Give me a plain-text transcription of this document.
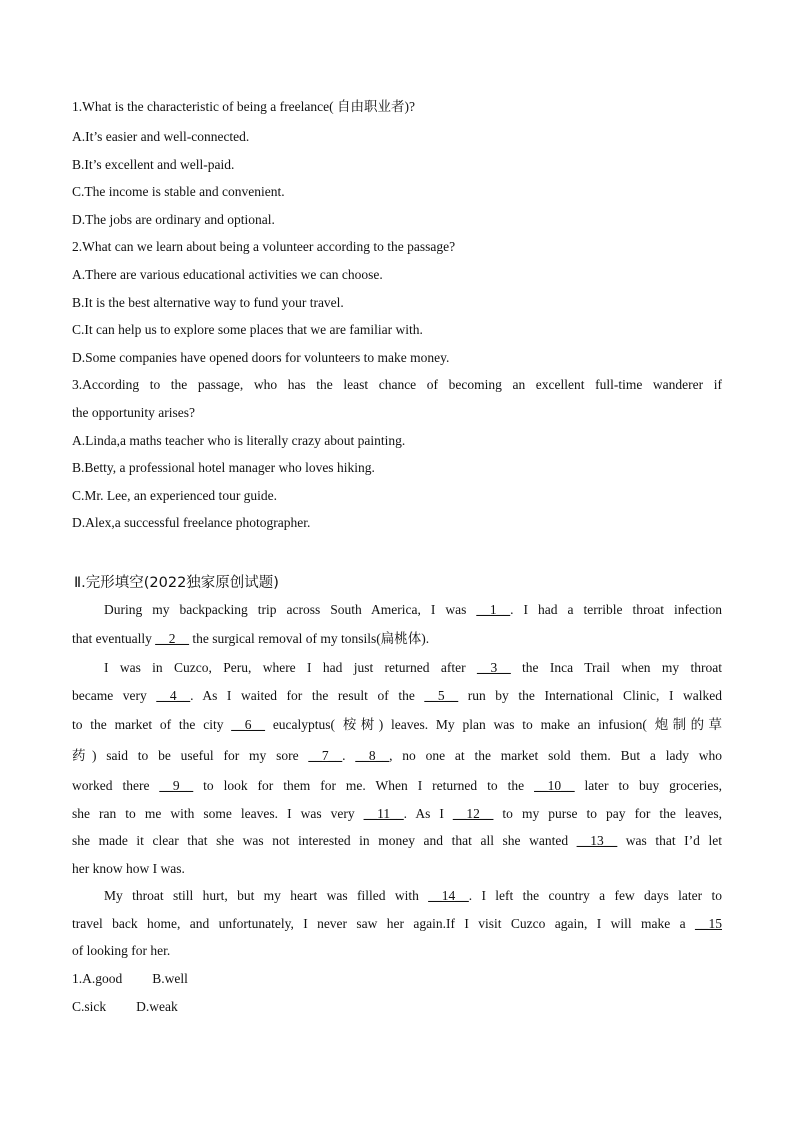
1.What is the characteristic of being a freelance( 自由职业者)?
A.It’s easier and well-connected.
B.It’s excellent and well-paid.
C.The income is stable and convenient.
D.The jobs are ordinary and optional.
2.What can we learn about being a volunteer according to the passage?
A.There are various educational activities we can choose.
B.It is the best alternative way to fund your travel.
C.It can help us to explore some places that we are familiar with.
D.Some companies have opened doors for volunteers to make money.
3.According to the passage, who has the least chance of becoming an excellent full-time wanderer if
the opportunity arises?
A.Linda,a maths teacher who is literally crazy about painting.
B.Betty, a professional hotel manager who loves hiking.
C.Mr. Lee, an experienced tour guide.
D.Alex,a successful freelance photographer.
Ⅱ.完形填空(2022独家原创试题)
During my backpacking trip across South America, I was __1__. I had a terrible throat infection
that eventually __2__ the surgical removal of my tonsils(扁桃体).
I was in Cuzco, Peru, where I had just returned after __3__ the Inca Trail when my throat
became very __4__. As I waited for the result of the __5__ run by the International Clinic, I walked
to the market of the city __6__ eucalyptus( 桉树) leaves. My plan was to make an infusion( 炮制的草
药) said to be useful for my sore __7__. __8__, no one at the market sold them. But a lady who
worked there __9__ to look for them for me. When I returned to the __10__ later to buy groceries,
she ran to me with some leaves. I was very __11__. As I __12__ to my purse to pay for the leaves,
she made it clear that she was not interested in money and that all she wanted __13__ was that I’d let
her know how I was.
My throat still hurt, but my heart was filled with __14__. I left the country a few days later to
travel back home, and unfortunately, I never saw her again.If I visit Cuzco again, I will make a __15
of looking for her.
1.A.good B.well
C.sick D.weak
